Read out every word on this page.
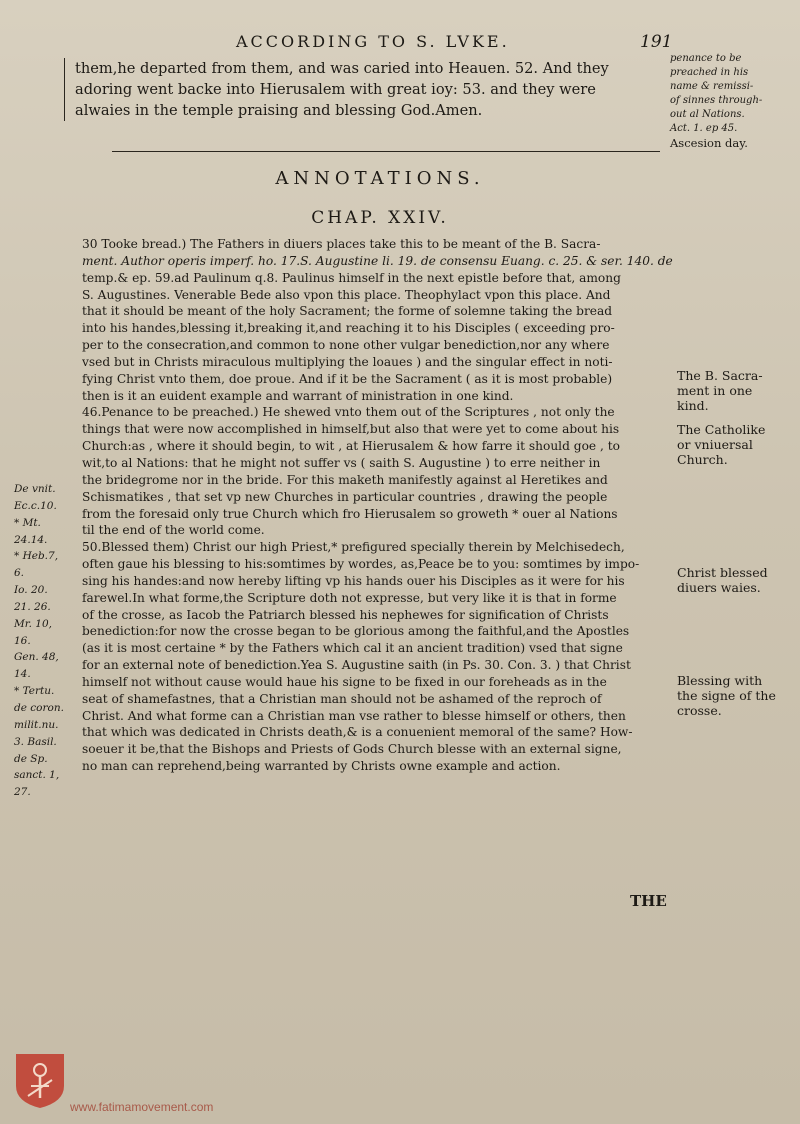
ACCORDING TO S. LVKE.	191
them,he departed from them, and was caried into Heauen. 52. And they
adoring went backe into Hierusalem with great ioy: 53. and they were
alwaies in the temple praising and blessing God.Amen.
penance to be
preached in his
name & remissi-
of sinnes through-
out al Nations.
Act. 1. ep 45.
Ascesion day.
ANNOTATIONS.
CHAP. XXIV.
30 Tooke bread.) The Fathers in diuers places take this to be meant of the B. Sacra-
ment. Author operis imperf. ho. 17.S. Augustine li. 19. de consensu Euang. c. 25. & ser. 140. de
temp.& ep. 59.ad Paulinum q.8. Paulinus himself in the next epistle before that, among
S. Augustines. Venerable Bede also vpon this place. Theophylact vpon this place. And
that it should be meant of the holy Sacrament; the forme of solemne taking the bread
into his handes,blessing it,breaking it,and reaching it to his Disciples ( exceeding pro-
per to the consecration,and common to none other vulgar benediction,nor any where
vsed but in Christs miraculous multiplying the loaues ) and the singular effect in noti-
fying Christ vnto them, doe proue. And if it be the Sacrament ( as it is most probable)
then is it an euident example and warrant of ministration in one kind.
46.Penance to be preached.) He shewed vnto them out of the Scriptures , not only the
things that were now accomplished in himself,but also that were yet to come about his
Church:as , where it should begin, to wit , at Hierusalem & how farre it should goe , to
wit,to al Nations: that he might not suffer vs ( saith S. Augustine ) to erre neither in
the bridegrome nor in the bride. For this maketh manifestly against al Heretikes and
Schismatikes , that set vp new Churches in particular countries , drawing the people
from the foresaid only true Church which fro Hierusalem so groweth * ouer al Nations
til the end of the world come.
50.Blessed them) Christ our high Priest,* prefigured specially therein by Melchisedech,
often gaue his blessing to his:somtimes by wordes, as,Peace be to you: somtimes by impo-
sing his handes:and now hereby lifting vp his hands ouer his Disciples as it were for his
farewel.In what forme,the Scripture doth not expresse, but very like it is that in forme
of the crosse, as Iacob the Patriarch blessed his nephewes for signification of Christs
benediction:for now the crosse began to be glorious among the faithful,and the Apostles
(as it is most certaine * by the Fathers which cal it an ancient tradition) vsed that signe
for an external note of benediction.Yea S. Augustine saith (in Ps. 30. Con. 3. ) that Christ
himself not without cause would haue his signe to be fixed in our foreheads as in the
seat of shamefastnes, that a Christian man should not be ashamed of the reproch of
Christ. And what forme can a Christian man vse rather to blesse himself or others, then
that which was dedicated in Christs death,& is a conuenient memoral of the same? How-
soeuer it be,that the Bishops and Priests of Gods Church blesse with an external signe,
no man can reprehend,being warranted by Christs owne example and action.
De vnit.
Ec.c.10.
* Mt.
24.14.
* Heb.7,
6.
Io. 20.
21. 26.
Mr. 10,
16.
Gen. 48,
14.
* Tertu.
de coron.
milit.nu.
3. Basil.
de Sp.
sanct. 1,
27.
The B. Sacra-
ment in one
kind.
The Catholike
or vniuersal
Church.
Christ blessed
diuers waies.
Blessing with
the signe of the
crosse.
THE
www.fatimamovement.com
